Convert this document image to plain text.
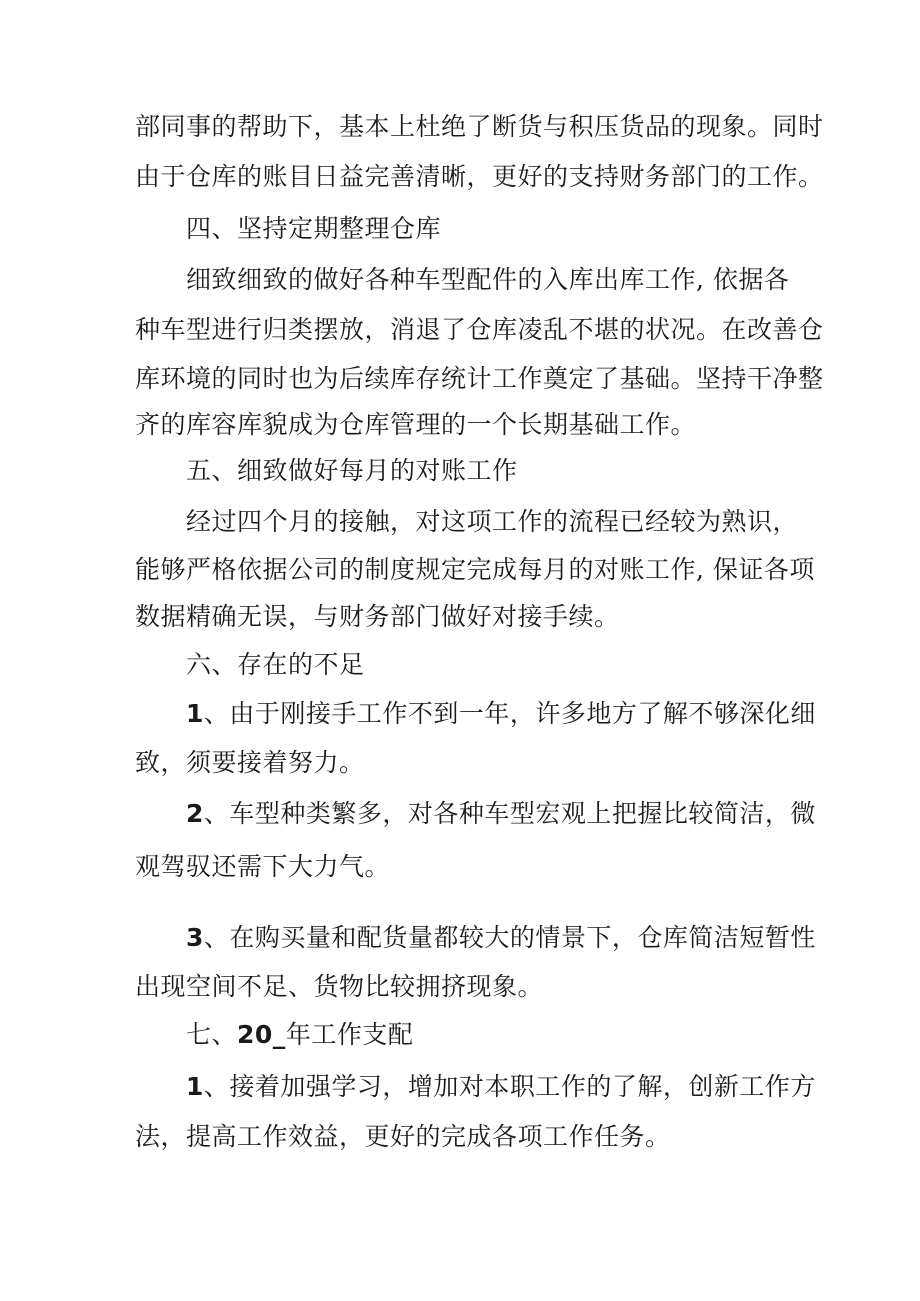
部同事的帮助下，基本上杜绝了断货与积压货品的现象。同时
由于仓库的账目日益完善清晰，更好的支持财务部门的工作。
四、坚持定期整理仓库
细致细致的做好各种车型配件的入库出库工作, 依据各
种车型进行归类摆放，消退了仓库凌乱不堪的状况。在改善仓
库环境的同时也为后续库存统计工作奠定了基础。坚持干净整
齐的库容库貌成为仓库管理的一个长期基础工作。
五、细致做好每月的对账工作
经过四个月的接触，对这项工作的流程已经较为熟识，
能够严格依据公司的制度规定完成每月的对账工作, 保证各项
数据精确无误，与财务部门做好对接手续。
六、存在的不足
1、由于刚接手工作不到一年，许多地方了解不够深化细
致，须要接着努力。
2、车型种类繁多，对各种车型宏观上把握比较简洁，微
观驾驭还需下大力气。
3、在购买量和配货量都较大的情景下，仓库简洁短暂性
出现空间不足、货物比较拥挤现象。
七、20_年工作支配
1、接着加强学习，增加对本职工作的了解，创新工作方
法，提高工作效益，更好的完成各项工作任务。
